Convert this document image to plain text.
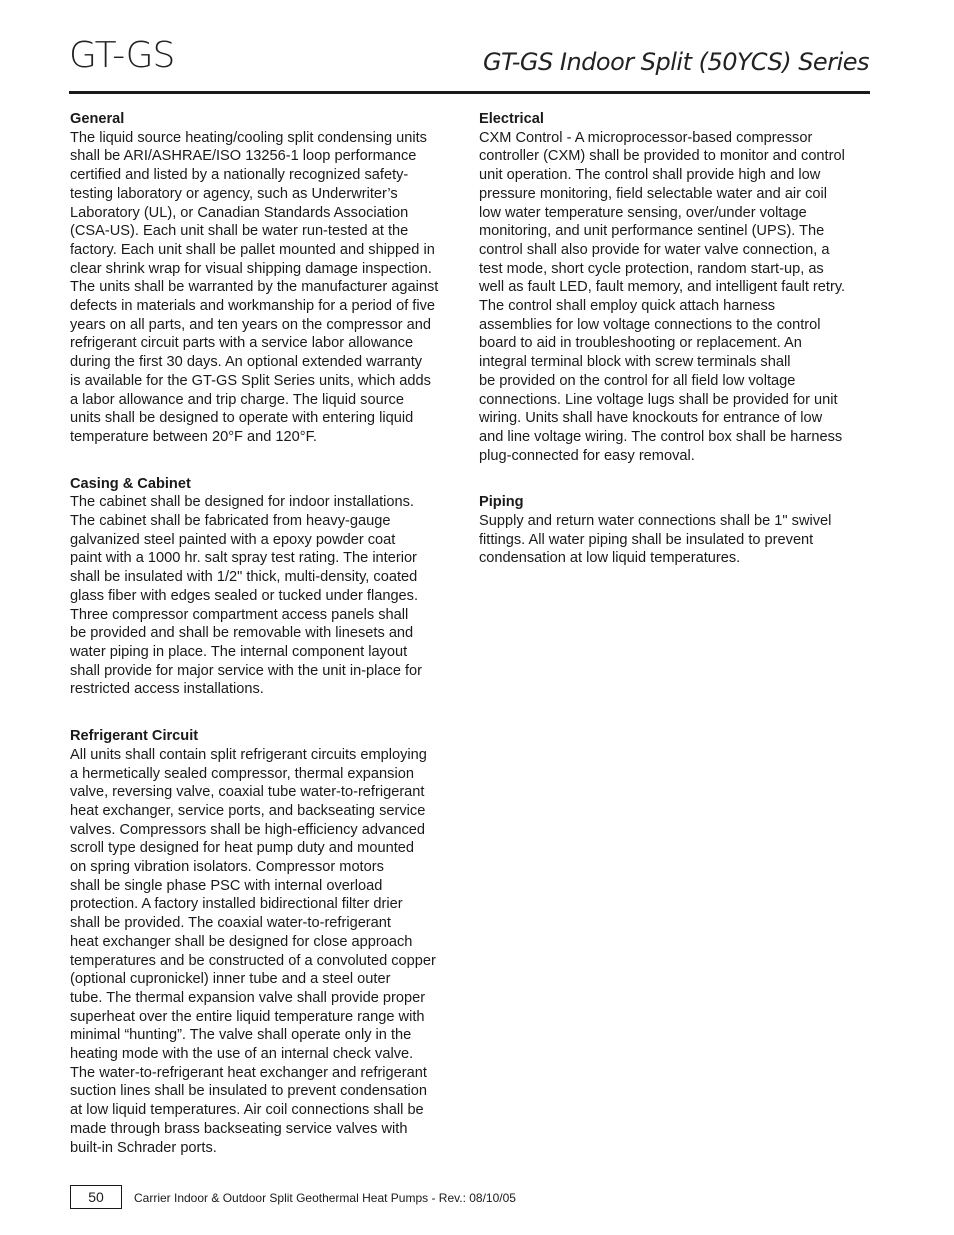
GT-GS	GT-GS Indoor Split (50YCS) Series
General

The liquid source heating/cooling split condensing units
shall be ARI/ASHRAE/ISO 13256-1 loop performance
certified and listed by a nationally recognized safety-
testing laboratory or agency, such as Underwriter’s
Laboratory (UL), or Canadian Standards Association
(CSA-US). Each unit shall be water run-tested at the
factory. Each unit shall be pallet mounted and shipped in
clear shrink wrap for visual shipping damage inspection.
The units shall be warranted by the manufacturer against
defects in materials and workmanship for a period of five
years on all parts, and ten years on the compressor and
refrigerant circuit parts with a service labor allowance
during the first 30 days. An optional extended warranty
is available for the GT-GS Split Series units, which adds
a labor allowance and trip charge. The liquid source
units shall be designed to operate with entering liquid
temperature between 20°F and 120°F.

Casing & Cabinet

The cabinet shall be designed for indoor installations.
The cabinet shall be fabricated from heavy-gauge
galvanized steel painted with a epoxy powder coat
paint with a 1000 hr. salt spray test rating. The interior
shall be insulated with 1/2" thick, multi-density, coated
glass fiber with edges sealed or tucked under flanges.
Three compressor compartment access panels shall
be provided and shall be removable with linesets and
water piping in place. The internal component layout
shall provide for major service with the unit in-place for
restricted access installations.

Refrigerant Circuit

All units shall contain split refrigerant circuits employing
a hermetically sealed compressor, thermal expansion
valve, reversing valve, coaxial tube water-to-refrigerant
heat exchanger, service ports, and backseating service
valves. Compressors shall be high-efficiency advanced
scroll type designed for heat pump duty and mounted
on spring vibration isolators. Compressor motors
shall be single phase PSC with internal overload
protection. A factory installed bidirectional filter drier
shall be provided. The coaxial water-to-refrigerant
heat exchanger shall be designed for close approach
temperatures and be constructed of a convoluted copper
(optional cupronickel) inner tube and a steel outer
tube. The thermal expansion valve shall provide proper
superheat over the entire liquid temperature range with
minimal “hunting”. The valve shall operate only in the
heating mode with the use of an internal check valve.
The water-to-refrigerant heat exchanger and refrigerant
suction lines shall be insulated to prevent condensation
at low liquid temperatures. Air coil connections shall be
made through brass backseating service valves with
built-in Schrader ports.

Electrical

CXM Control - A microprocessor-based compressor
controller (CXM) shall be provided to monitor and control
unit operation. The control shall provide high and low
pressure monitoring, field selectable water and air coil
low water temperature sensing, over/under voltage
monitoring, and unit performance sentinel (UPS). The
control shall also provide for water valve connection, a
test mode, short cycle protection, random start-up, as
well as fault LED, fault memory, and intelligent fault retry.

The control shall employ quick attach harness
assemblies for low voltage connections to the control
board to aid in troubleshooting or replacement. An
integral terminal block with screw terminals shall
be provided on the control for all field low voltage
connections. Line voltage lugs shall be provided for unit
wiring. Units shall have knockouts for entrance of low
and line voltage wiring. The control box shall be harness
plug-connected for easy removal.

Piping

Supply and return water connections shall be 1" swivel
fittings. All water piping shall be insulated to prevent
condensation at low liquid temperatures.

50	Carrier Indoor & Outdoor Split Geothermal Heat Pumps - Rev.: 08/10/05
